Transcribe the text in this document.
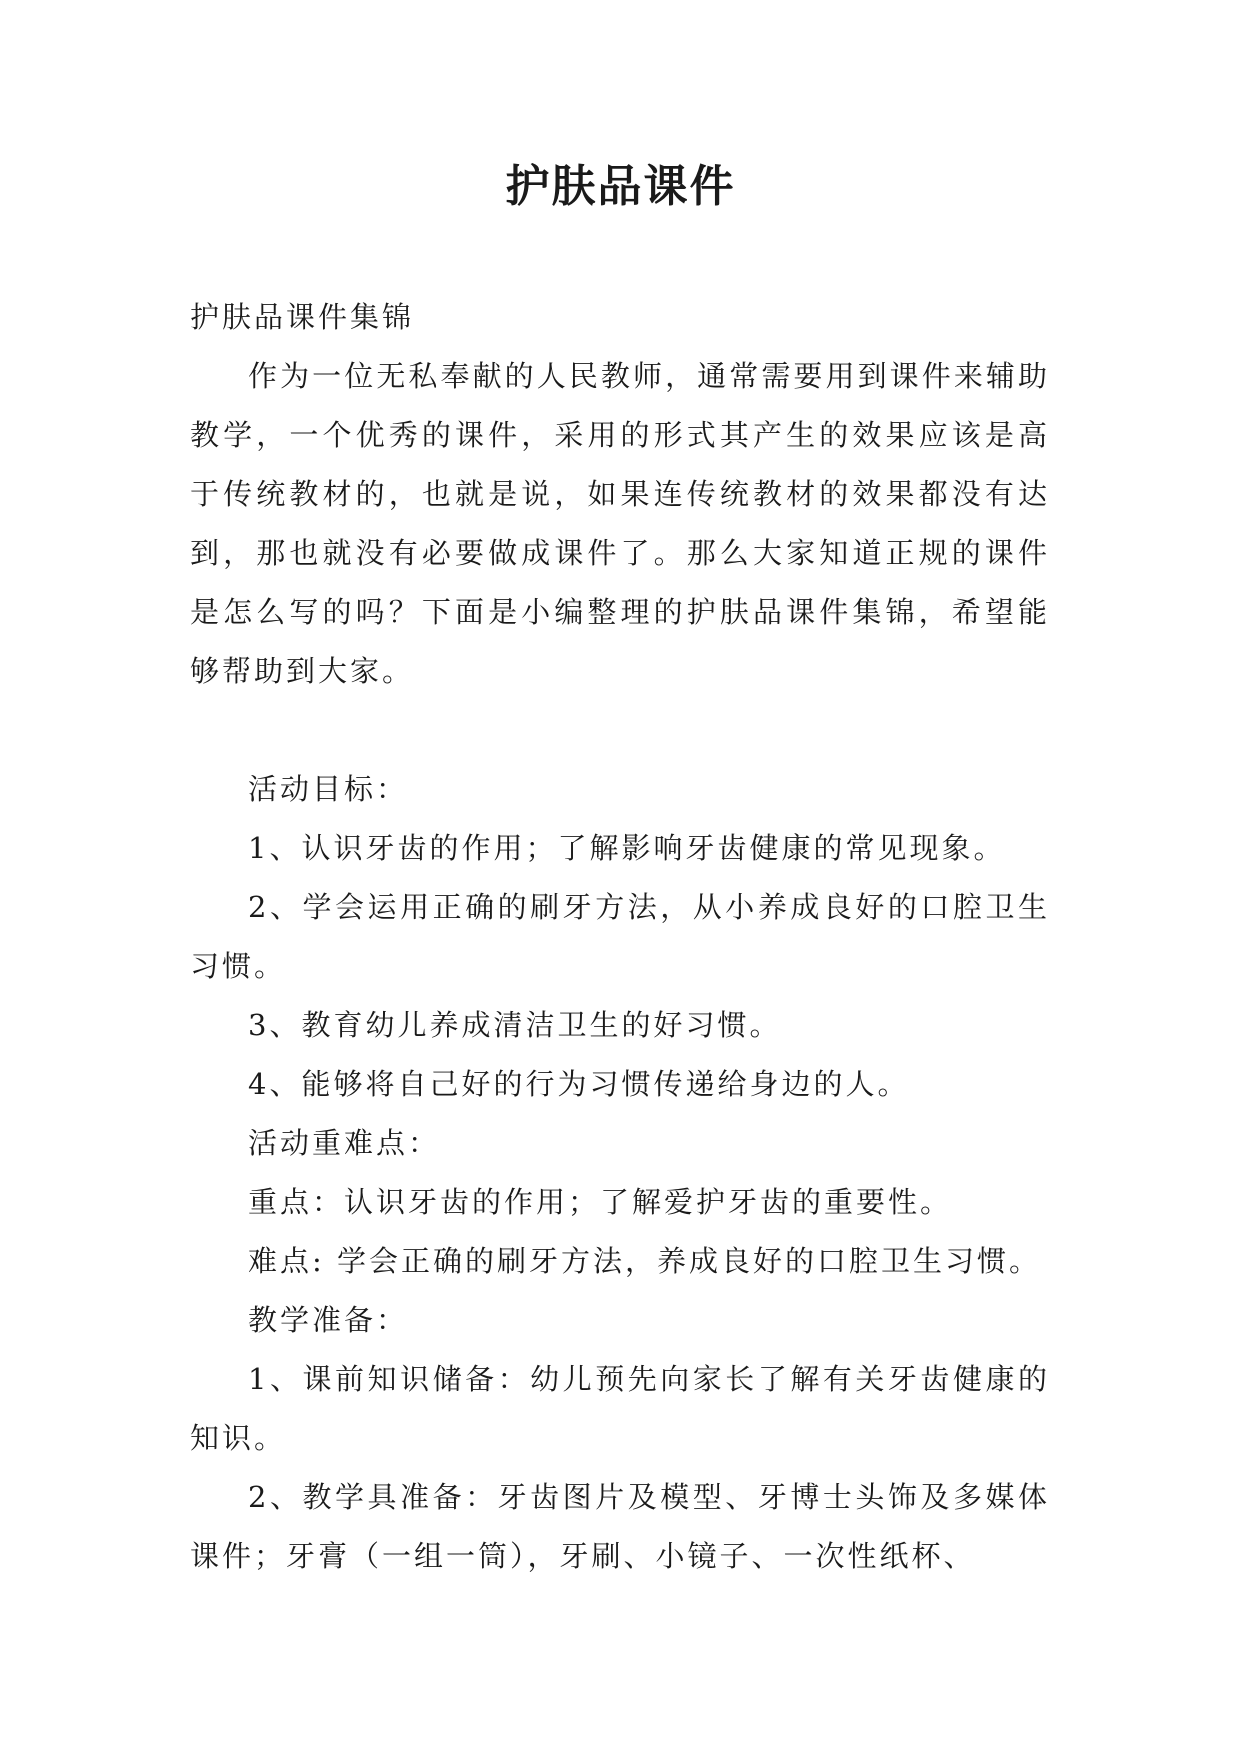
护肤品课件

护肤品课件集锦

作为一位无私奉献的人民教师，通常需要用到课件来辅助教学，一个优秀的课件，采用的形式其产生的效果应该是高于传统教材的，也就是说，如果连传统教材的效果都没有达到，那也就没有必要做成课件了。那么大家知道正规的课件是怎么写的吗？下面是小编整理的护肤品课件集锦，希望能够帮助到大家。

活动目标：

1、认识牙齿的作用；了解影响牙齿健康的常见现象。

2、学会运用正确的刷牙方法，从小养成良好的口腔卫生习惯。

3、教育幼儿养成清洁卫生的好习惯。

4、能够将自己好的行为习惯传递给身边的人。

活动重难点：

重点：认识牙齿的作用；了解爱护牙齿的重要性。

难点: 学会正确的刷牙方法，养成良好的口腔卫生习惯。

教学准备：

1、课前知识储备：幼儿预先向家长了解有关牙齿健康的知识。

2、教学具准备：牙齿图片及模型、牙博士头饰及多媒体课件；牙膏（一组一筒），牙刷、小镜子、一次性纸杯、
